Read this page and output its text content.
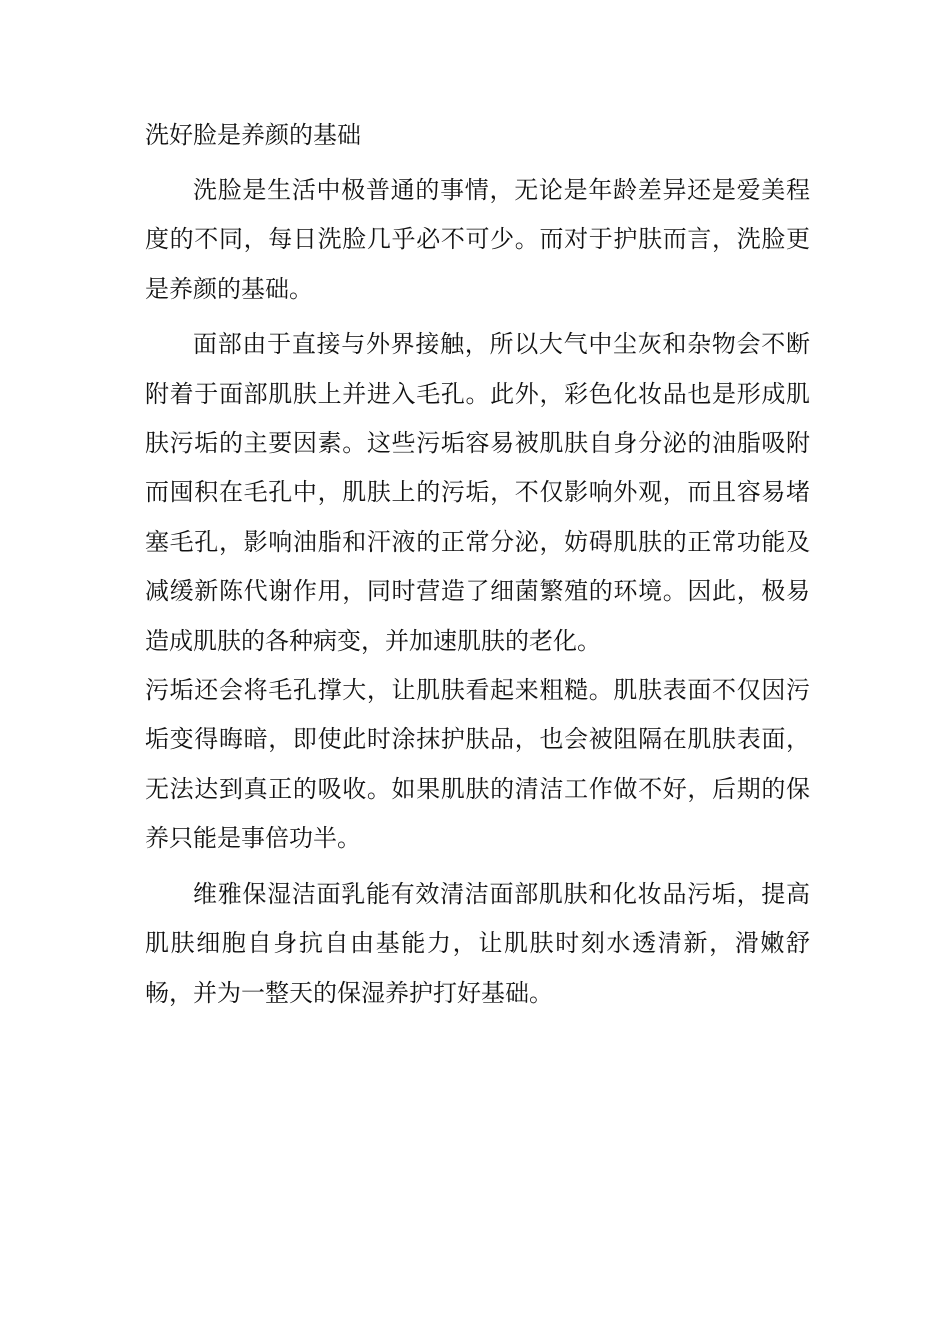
洗好脸是养颜的基础

洗脸是生活中极普通的事情，无论是年龄差异还是爱美程度的不同，每日洗脸几乎必不可少。而对于护肤而言，洗脸更是养颜的基础。

面部由于直接与外界接触，所以大气中尘灰和杂物会不断附着于面部肌肤上并进入毛孔。此外，彩色化妆品也是形成肌肤污垢的主要因素。这些污垢容易被肌肤自身分泌的油脂吸附而囤积在毛孔中，肌肤上的污垢，不仅影响外观，而且容易堵塞毛孔，影响油脂和汗液的正常分泌，妨碍肌肤的正常功能及减缓新陈代谢作用，同时营造了细菌繁殖的环境。因此，极易造成肌肤的各种病变，并加速肌肤的老化。

污垢还会将毛孔撑大，让肌肤看起来粗糙。肌肤表面不仅因污垢变得晦暗，即使此时涂抹护肤品，也会被阻隔在肌肤表面，无法达到真正的吸收。如果肌肤的清洁工作做不好，后期的保养只能是事倍功半。

维雅保湿洁面乳能有效清洁面部肌肤和化妆品污垢，提高肌肤细胞自身抗自由基能力，让肌肤时刻水透清新，滑嫩舒畅，并为一整天的保湿养护打好基础。
